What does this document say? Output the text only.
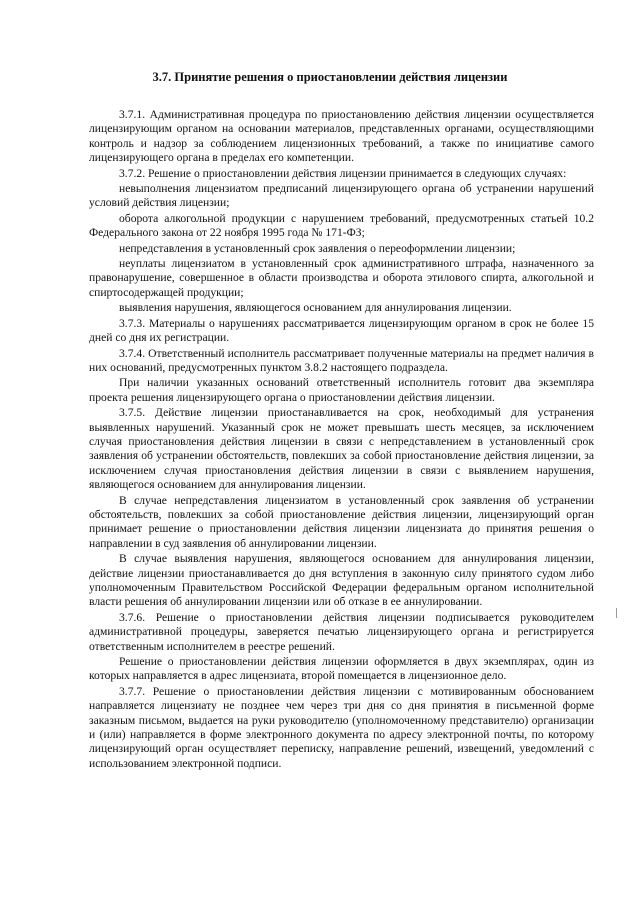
3.7. Принятие решения о приостановлении действия лицензии

3.7.1. Административная процедура по приостановлению действия лицензии осуществляется лицензирующим органом на основании материалов, представленных органами, осуществляющими контроль и надзор за соблюдением лицензионных требований, а также по инициативе самого лицензирующего органа в пределах его компетенции.

3.7.2. Решение о приостановлении действия лицензии принимается в следующих случаях:

невыполнения лицензиатом предписаний лицензирующего органа об устранении нарушений условий действия лицензии;

оборота алкогольной продукции с нарушением требований, предусмотренных статьей 10.2 Федерального закона от 22 ноября 1995 года № 171-ФЗ;

непредставления в установленный срок заявления о переоформлении лицензии;

неуплаты лицензиатом в установленный срок административного штрафа, назначенного за правонарушение, совершенное в области производства и оборота этилового спирта, алкогольной и спиртосодержащей продукции;

выявления нарушения, являющегося основанием для аннулирования лицензии.

3.7.3. Материалы о нарушениях рассматривается лицензирующим органом в срок не более 15 дней со дня их регистрации.

3.7.4. Ответственный исполнитель рассматривает полученные материалы на предмет наличия в них оснований, предусмотренных пунктом 3.8.2 настоящего подраздела.

При наличии указанных оснований ответственный исполнитель готовит два экземпляра проекта решения лицензирующего органа о приостановлении действия лицензии.

3.7.5. Действие лицензии приостанавливается на срок, необходимый для устранения выявленных нарушений. Указанный срок не может превышать шесть месяцев, за исключением случая приостановления действия лицензии в связи с непредставлением в установленный срок заявления об устранении обстоятельств, повлекших за собой приостановление действия лицензии, за исключением случая приостановления действия лицензии в связи с выявлением нарушения, являющегося основанием для аннулирования лицензии.

В случае непредставления лицензиатом в установленный срок заявления об устранении обстоятельств, повлекших за собой приостановление действия лицензии, лицензирующий орган принимает решение о приостановлении действия лицензии лицензиата до принятия решения о направлении в суд заявления об аннулировании лицензии.

В случае выявления нарушения, являющегося основанием для аннулирования лицензии, действие лицензии приостанавливается до дня вступления в законную силу принятого судом либо уполномоченным Правительством Российской Федерации федеральным органом исполнительной власти решения об аннулировании лицензии или об отказе в ее аннулировании.

3.7.6. Решение о приостановлении действия лицензии подписывается руководителем административной процедуры, заверяется печатью лицензирующего органа и регистрируется ответственным исполнителем в реестре решений.

Решение о приостановлении действия лицензии оформляется в двух экземплярах, один из которых направляется в адрес лицензиата, второй помещается в лицензионное дело.

3.7.7. Решение о приостановлении действия лицензии с мотивированным обоснованием направляется лицензиату не позднее чем через три дня со дня принятия в письменной форме заказным письмом, выдается на руки руководителю (уполномоченному представителю) организации и (или) направляется в форме электронного документа по адресу электронной почты, по которому лицензирующий орган осуществляет переписку, направление решений, извещений, уведомлений с использованием электронной подписи.
